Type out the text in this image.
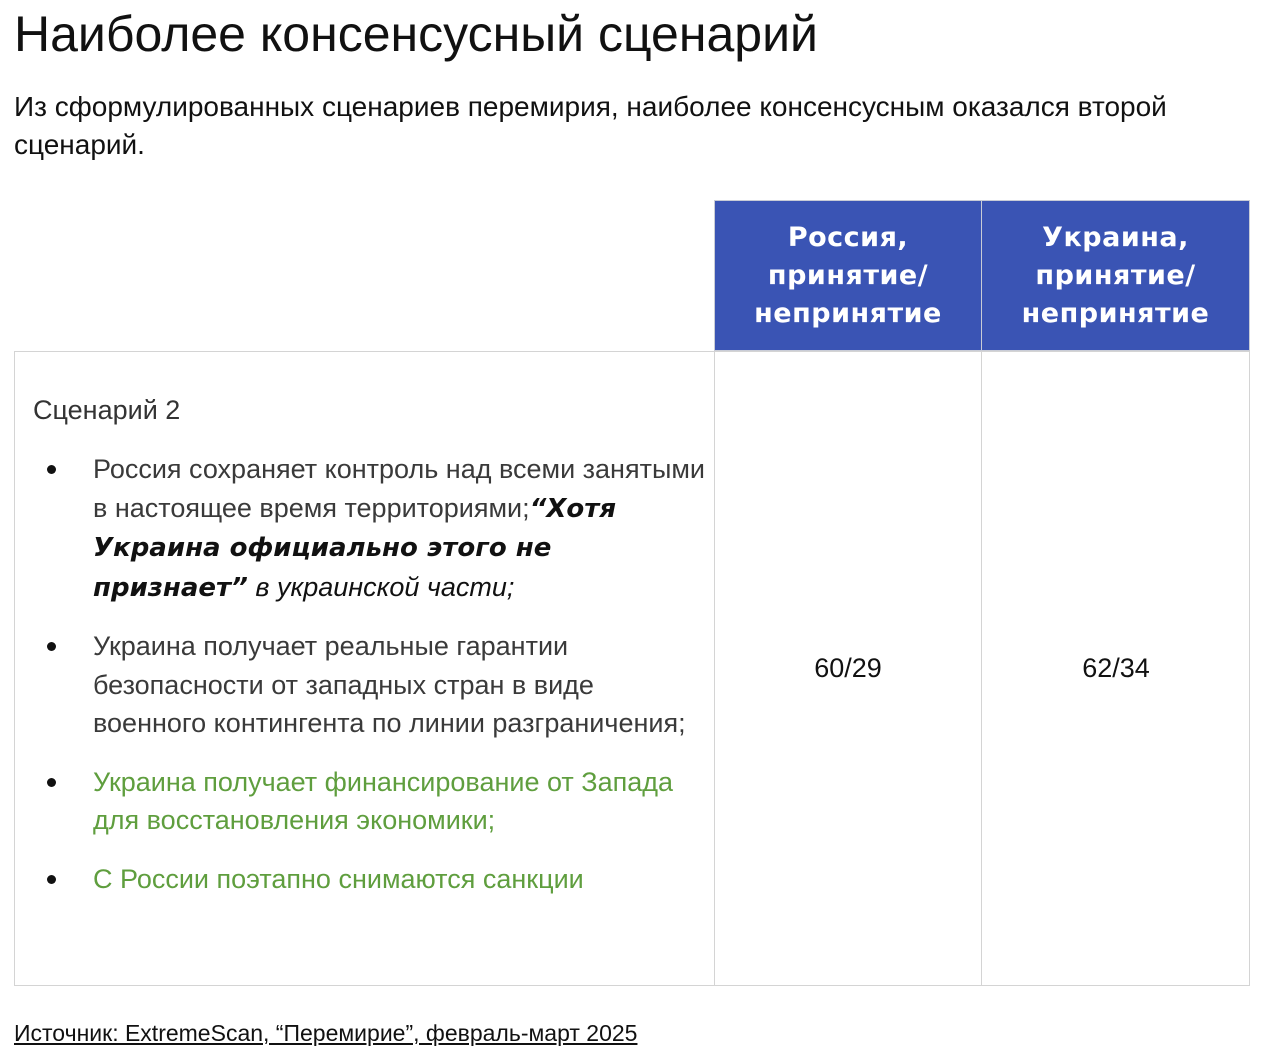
Наиболее консенсусный сценарий
Из сформулированных сценариев перемирия, наиболее консенсусным оказался второй сценарий.
Россия,
принятие/
непринятие
Украина,
принятие/
непринятие
Сценарий 2
Россия сохраняет контроль над всеми занятыми в настоящее время территориями;“Хотя Украина официально этого не признает” в украинской части;
Украина получает реальные гарантии безопасности от западных стран в виде военного контингента по линии разграничения;
Украина получает финансирование от Запада для восстановления экономики;
С России поэтапно снимаются санкции
60/29	62/34
Источник: ExtremeScan, “Перемирие”, февраль-март 2025
